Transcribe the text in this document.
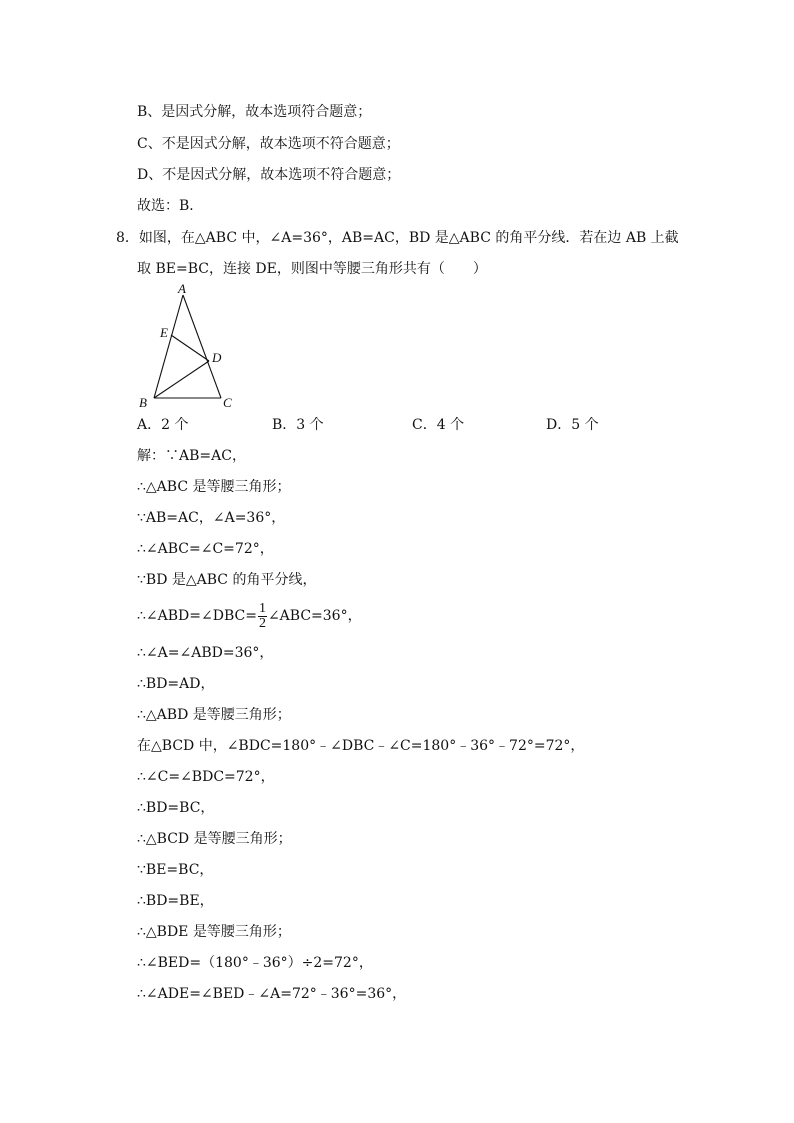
B、是因式分解，故本选项符合题意；
C、不是因式分解，故本选项不符合题意；
D、不是因式分解，故本选项不符合题意；
故选：B．
8．如图，在△ABC 中，∠A=36°，AB=AC，BD 是△ABC 的角平分线．若在边 AB 上截
取 BE=BC，连接 DE，则图中等腰三角形共有（　　）
A
E
D
B	C
A．2 个	B．3 个	C．4 个	D．5 个
解：∵AB=AC，
∴△ABC 是等腰三角形；
∵AB=AC，∠A=36°，
∴∠ABC=∠C=72°，
∵BD 是△ABC 的角平分线，
∴∠ABD=∠DBC= $\frac{1}{2}$ ∠ABC=36°，
∴∠A=∠ABD=36°，
∴BD=AD，
∴△ABD 是等腰三角形；
在△BCD 中，∠BDC=180°﹣∠DBC﹣∠C=180°﹣36°﹣72°=72°，
∴∠C=∠BDC=72°，
∴BD=BC，
∴△BCD 是等腰三角形；
∵BE=BC，
∴BD=BE，
∴△BDE 是等腰三角形；
∴∠BED=（180°﹣36°）÷2=72°，
∴∠ADE=∠BED﹣∠A=72°﹣36°=36°，
